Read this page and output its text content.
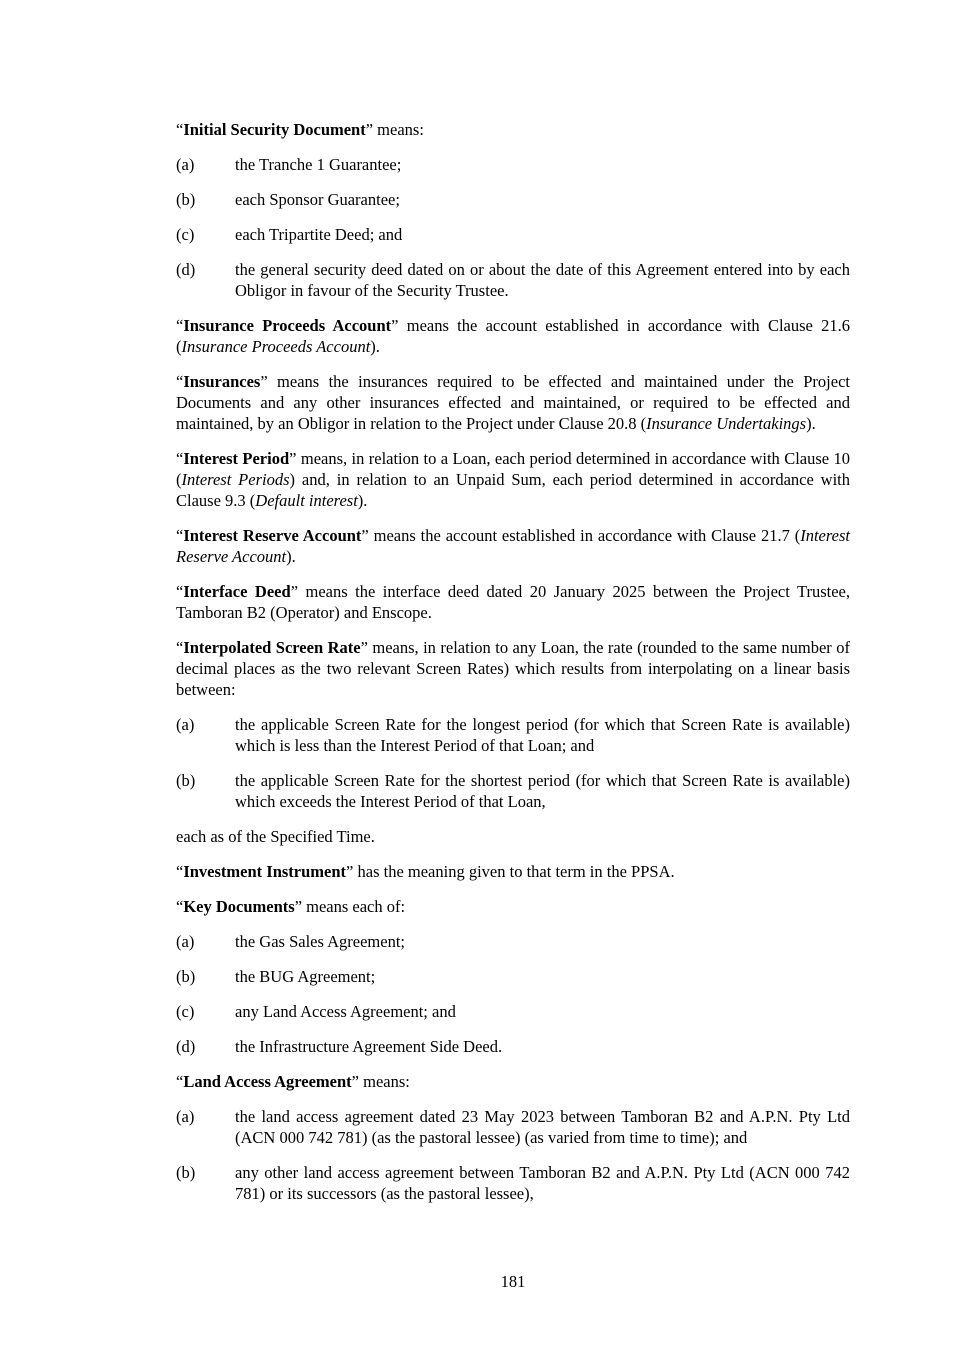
“Initial Security Document” means:

(a)	the Tranche 1 Guarantee;
(b)	each Sponsor Guarantee;
(c)	each Tripartite Deed; and
(d)	the general security deed dated on or about the date of this Agreement entered into by each Obligor in favour of the Security Trustee.

“Insurance Proceeds Account” means the account established in accordance with Clause 21.6 (Insurance Proceeds Account).

“Insurances” means the insurances required to be effected and maintained under the Project Documents and any other insurances effected and maintained, or required to be effected and maintained, by an Obligor in relation to the Project under Clause 20.8 (Insurance Undertakings).

“Interest Period” means, in relation to a Loan, each period determined in accordance with Clause 10 (Interest Periods) and, in relation to an Unpaid Sum, each period determined in accordance with Clause 9.3 (Default interest).

“Interest Reserve Account” means the account established in accordance with Clause 21.7 (Interest Reserve Account).

“Interface Deed” means the interface deed dated 20 January 2025 between the Project Trustee, Tamboran B2 (Operator) and Enscope.

“Interpolated Screen Rate” means, in relation to any Loan, the rate (rounded to the same number of decimal places as the two relevant Screen Rates) which results from interpolating on a linear basis between:

(a)	the applicable Screen Rate for the longest period (for which that Screen Rate is available) which is less than the Interest Period of that Loan; and
(b)	the applicable Screen Rate for the shortest period (for which that Screen Rate is available) which exceeds the Interest Period of that Loan,

each as of the Specified Time.

“Investment Instrument” has the meaning given to that term in the PPSA.

“Key Documents” means each of:

(a)	the Gas Sales Agreement;
(b)	the BUG Agreement;
(c)	any Land Access Agreement; and
(d)	the Infrastructure Agreement Side Deed.

“Land Access Agreement” means:

(a)	the land access agreement dated 23 May 2023 between Tamboran B2 and A.P.N. Pty Ltd (ACN 000 742 781) (as the pastoral lessee) (as varied from time to time); and
(b)	any other land access agreement between Tamboran B2 and A.P.N. Pty Ltd (ACN 000 742 781) or its successors (as the pastoral lessee),
181
